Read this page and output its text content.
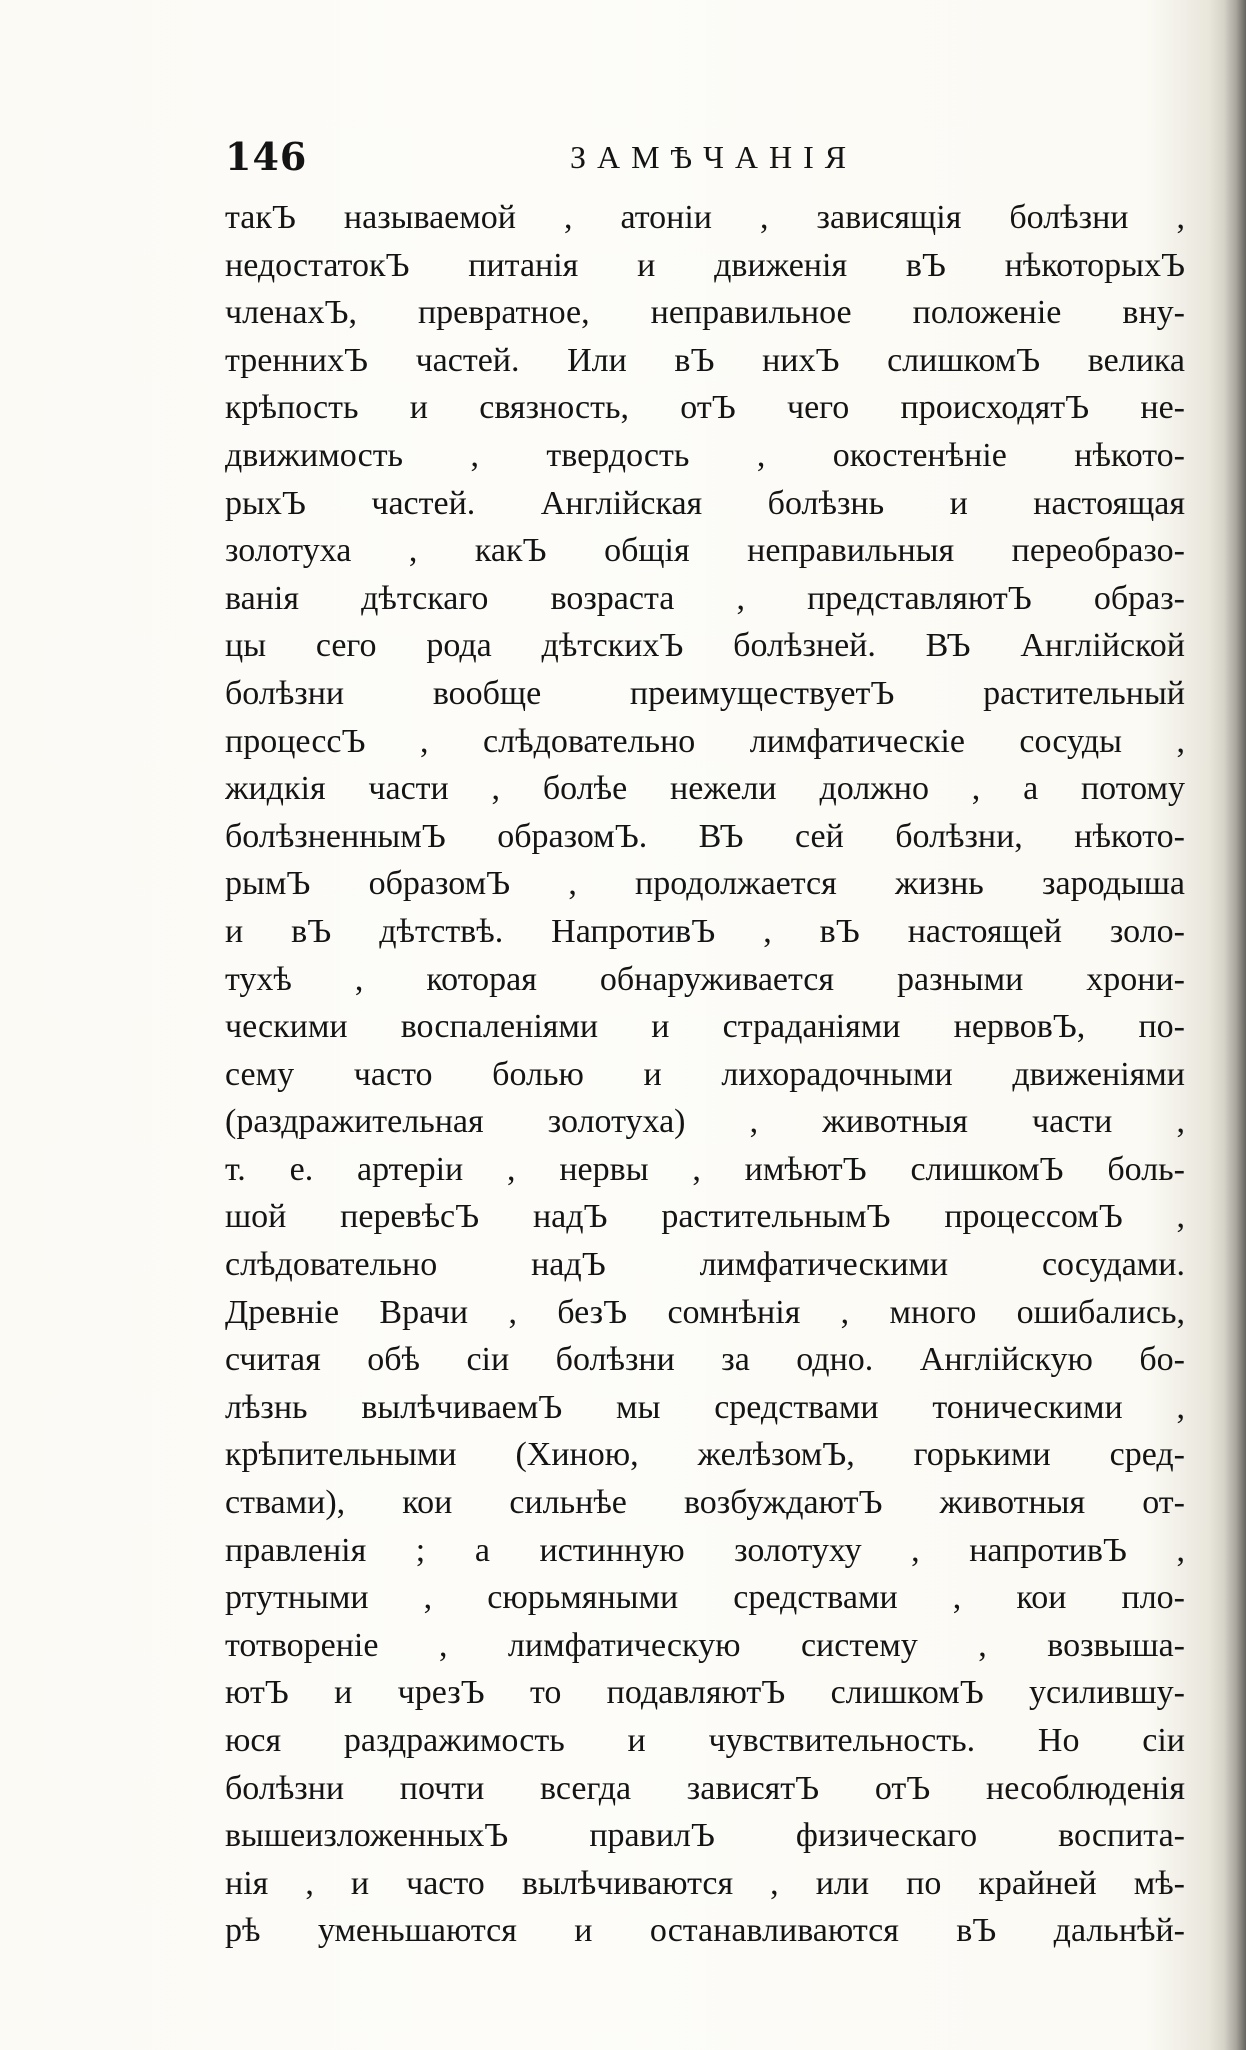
146	ЗАМѢЧАНІЯ
такЪ называемой , атоніи , зависящія болѣзни ,
недостатокЪ питанія и движенія вЪ нѣкоторыхЪ
членахЪ, превратное, неправильное положеніе вну-
треннихЪ частей. Или вЪ нихЪ слишкомЪ велика
крѣпость и связность, отЪ чего происходятЪ не-
движимость , твердость , окостенѣніе нѣкото-
рыхЪ частей. Англійская болѣзнь и настоящая
золотуха , какЪ общія неправильныя переобразо-
ванія дѣтскаго возраста , представляютЪ образ-
цы сего рода дѣтскихЪ болѣзней. ВЪ Англійской
болѣзни вообще преимуществуетЪ растительный
процессЪ , слѣдовательно лимфатическіе сосуды ,
жидкія части , болѣе нежели должно , а потому
болѣзненнымЪ образомЪ. ВЪ сей болѣзни, нѣкото-
рымЪ образомЪ , продолжается жизнь зародыша
и вЪ дѣтствѣ. НапротивЪ , вЪ настоящей золо-
тухѣ , которая обнаруживается разными хрони-
ческими воспаленіями и страданіями нервовЪ, по-
сему часто болью и лихорадочными движеніями
(раздражительная золотуха) , животныя части ,
т. е. артеріи , нервы , имѣютЪ слишкомЪ боль-
шой перевѣсЪ надЪ растительнымЪ процессомЪ ,
слѣдовательно надЪ лимфатическими сосудами.
Древніе Врачи , безЪ сомнѣнія , много ошибались,
считая обѣ сіи болѣзни за одно. Англійскую бо-
лѣзнь вылѣчиваемЪ мы средствами тоническими ,
крѣпительными (Хиною, желѣзомЪ, горькими сред-
ствами), кои сильнѣе возбуждаютЪ животныя от-
правленія ; а истинную золотуху , напротивЪ ,
ртутными , сюрьмяными средствами , кои пло-
тотвореніе , лимфатическую систему , возвыша-
ютЪ и чрезЪ то подавляютЪ слишкомЪ усилившу-
юся раздражимость и чувствительность. Но сіи
болѣзни почти всегда зависятЪ отЪ несоблюденія
вышеизложенныхЪ правилЪ физическаго воспита-
нія , и часто вылѣчиваются , или по крайней мѣ-
рѣ уменьшаются и останавливаются вЪ дальнѣй-
